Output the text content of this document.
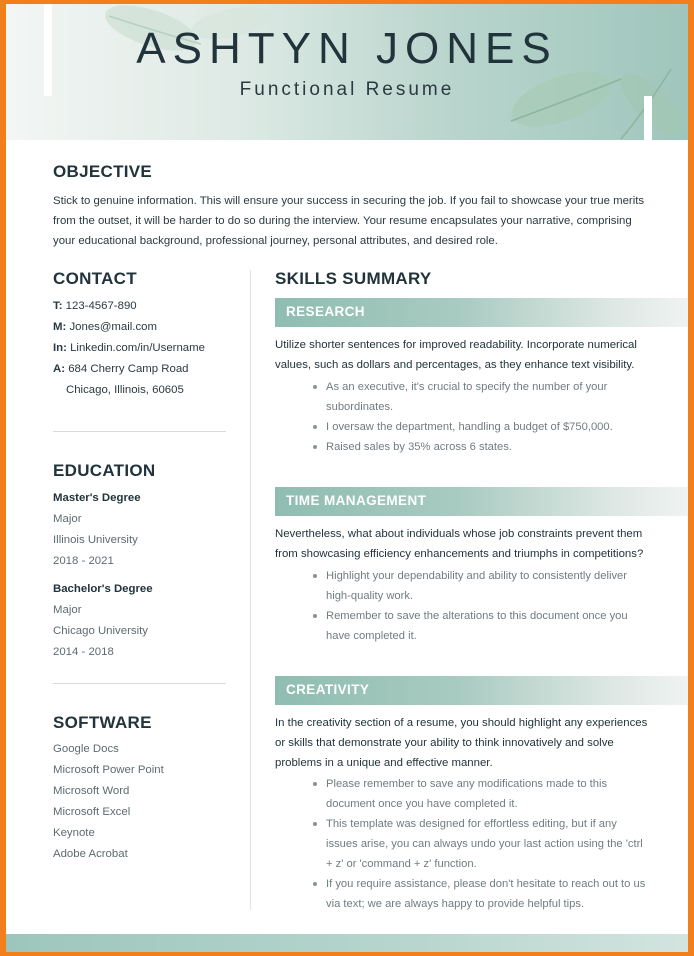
ASHTYN JONES
Functional Resume
OBJECTIVE
Stick to genuine information. This will ensure your success in securing the job. If you fail to showcase your true merits from the outset, it will be harder to do so during the interview. Your resume encapsulates your narrative, comprising your educational background, professional journey, personal attributes, and desired role.
CONTACT
T: 123-4567-890
M: Jones@mail.com
In: Linkedin.com/in/Username
A: 684 Cherry Camp Road
Chicago, Illinois, 60605
EDUCATION
Master's Degree
Major
Illinois University
2018 - 2021
Bachelor's Degree
Major
Chicago University
2014 - 2018
SOFTWARE
Google Docs
Microsoft Power Point
Microsoft Word
Microsoft Excel
Keynote
Adobe Acrobat
SKILLS SUMMARY
RESEARCH
Utilize shorter sentences for improved readability. Incorporate numerical values, such as dollars and percentages, as they enhance text visibility.
As an executive, it's crucial to specify the number of your subordinates.
I oversaw the department, handling a budget of $750,000.
Raised sales by 35% across 6 states.
TIME MANAGEMENT
Nevertheless, what about individuals whose job constraints prevent them from showcasing efficiency enhancements and triumphs in competitions?
Highlight your dependability and ability to consistently deliver high-quality work.
Remember to save the alterations to this document once you have completed it.
CREATIVITY
In the creativity section of a resume, you should highlight any experiences or skills that demonstrate your ability to think innovatively and solve problems in a unique and effective manner.
Please remember to save any modifications made to this document once you have completed it.
This template was designed for effortless editing, but if any issues arise, you can always undo your last action using the 'ctrl + z' or 'command + z' function.
If you require assistance, please don't hesitate to reach out to us via text; we are always happy to provide helpful tips.
